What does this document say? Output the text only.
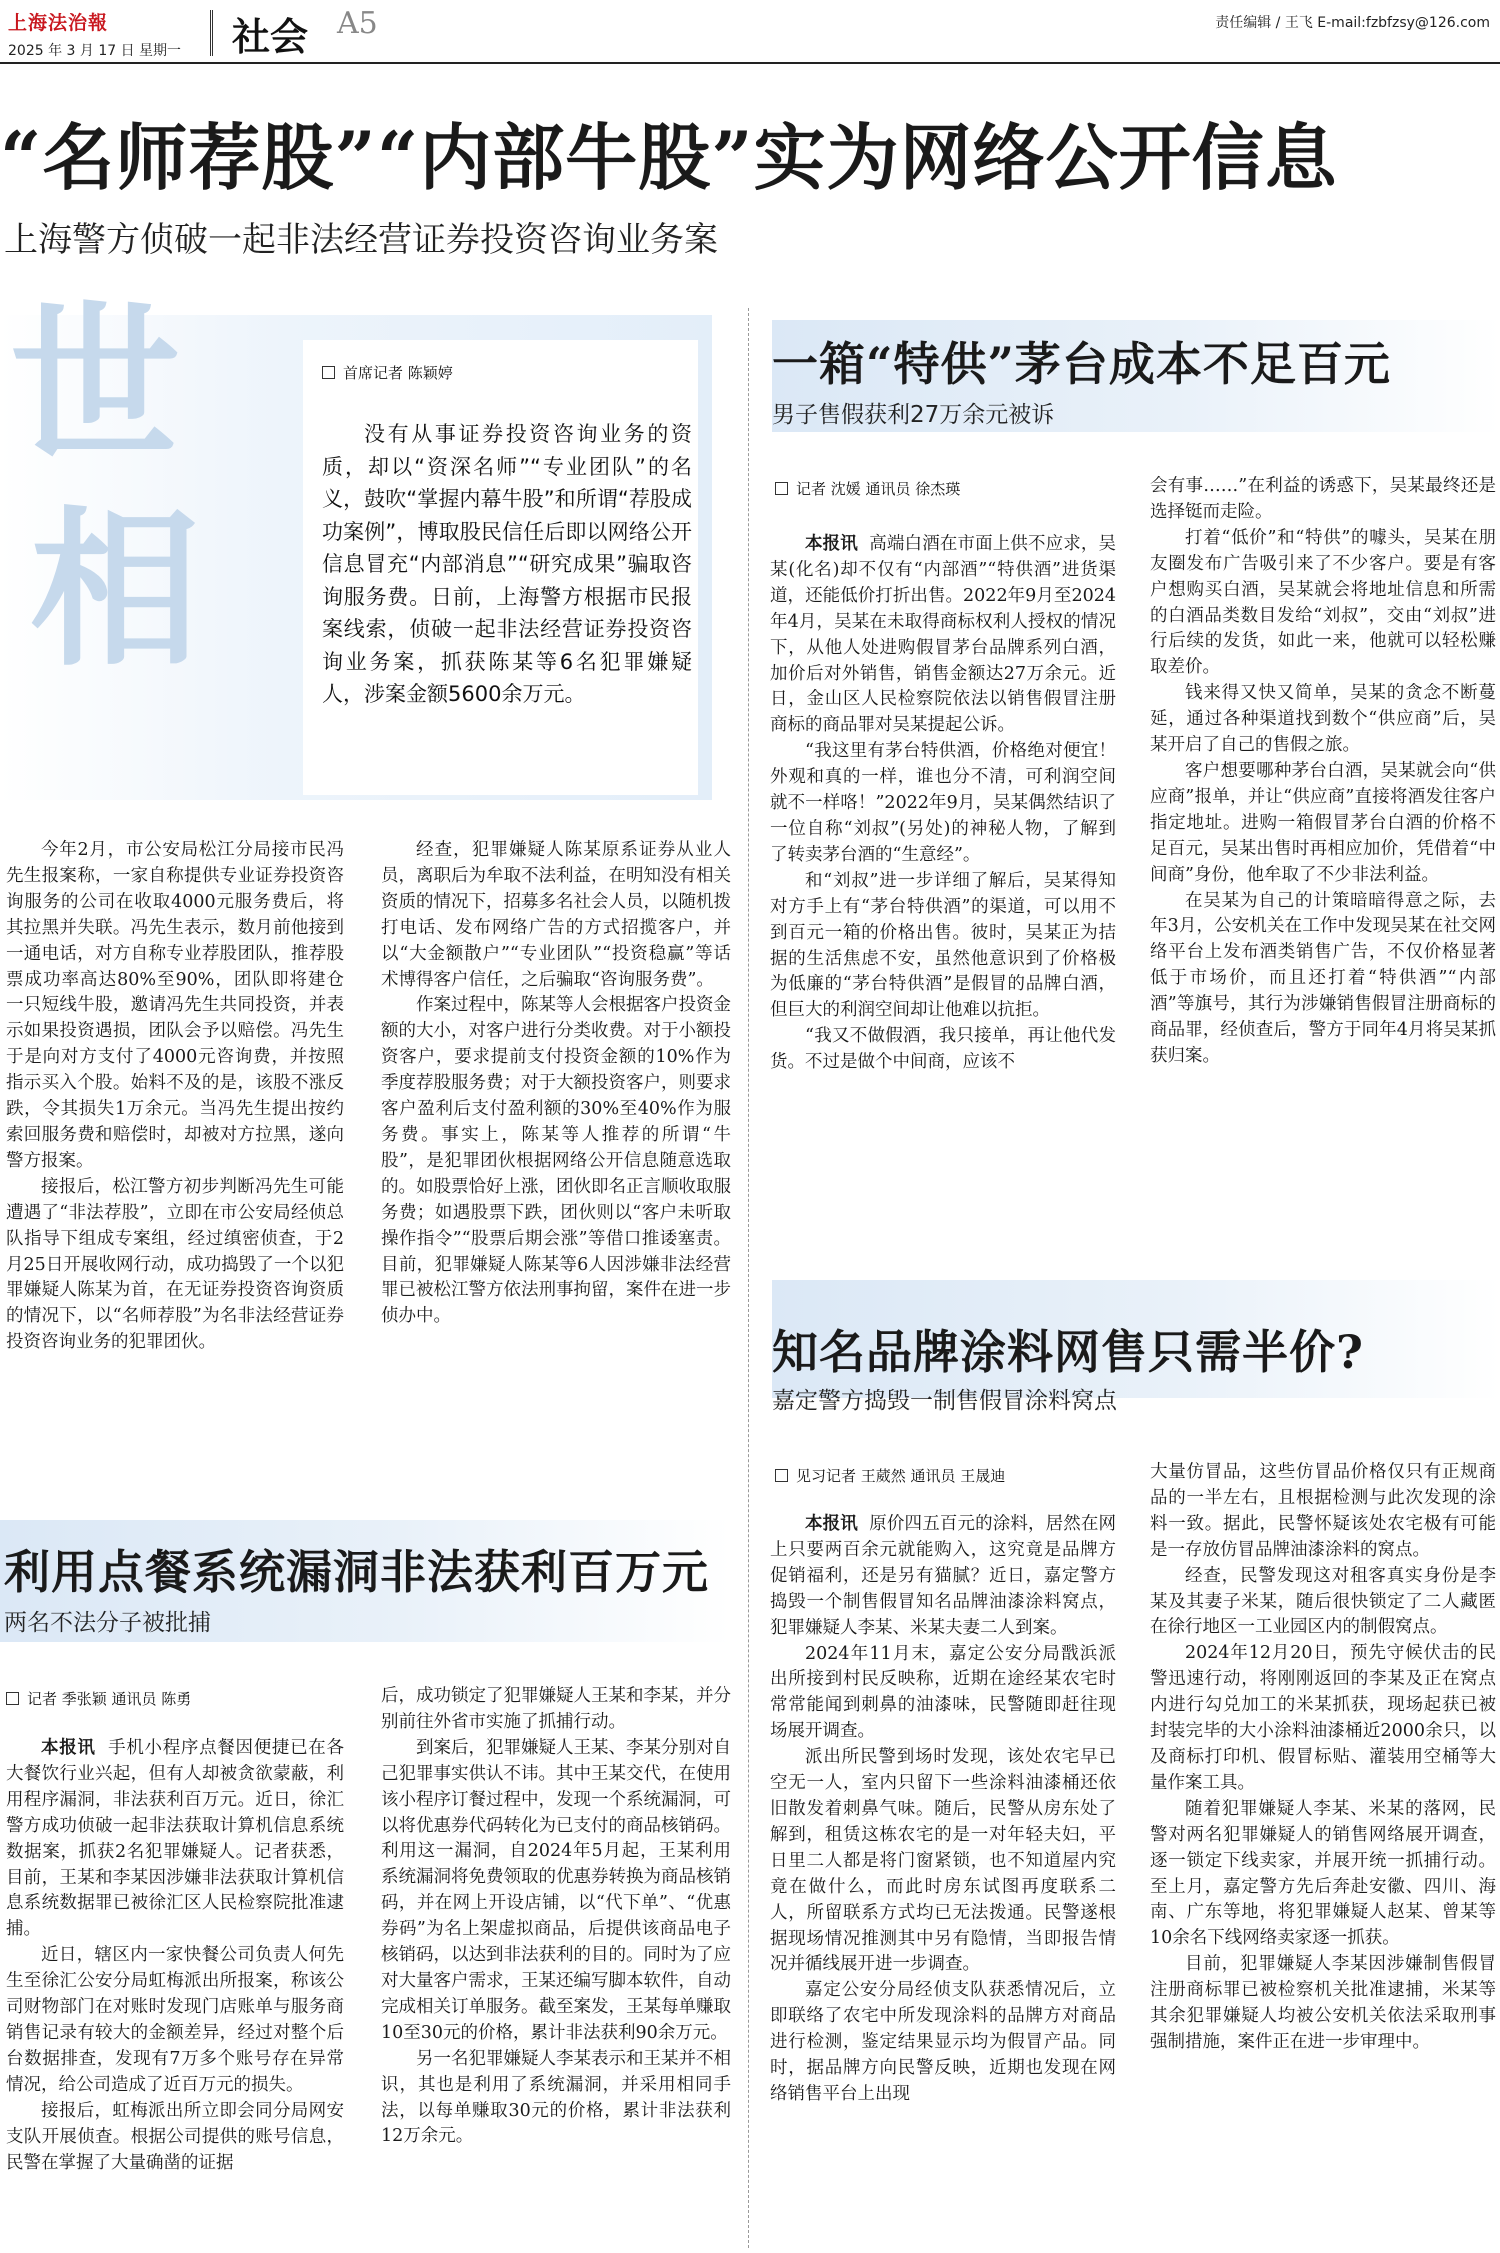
上海法治報
2025 年 3 月 17 日 星期一 社会 A5	责任编辑 / 王飞 E-mail:fzbfzsy@126.com
“名师荐股”“内部牛股”实为网络公开信息
上海警方侦破一起非法经营证券投资咨询业务案
世
相
首席记者 陈颖婷
没有从事证券投资咨询业务的资质，却以“资深名师”“专业团队”的名义，鼓吹“掌握内幕牛股”和所谓“荐股成功案例”，博取股民信任后即以网络公开信息冒充“内部消息”“研究成果”骗取咨询服务费。日前，上海警方根据市民报案线索，侦破一起非法经营证券投资咨询业务案，抓获陈某等6名犯罪嫌疑人，涉案金额5600余万元。

今年2月，市公安局松江分局接市民冯先生报案称，一家自称提供专业证券投资咨询服务的公司在收取4000元服务费后，将其拉黑并失联。冯先生表示，数月前他接到一通电话，对方自称专业荐股团队，推荐股票成功率高达80%至90%，团队即将建仓一只短线牛股，邀请冯先生共同投资，并表示如果投资遇损，团队会予以赔偿。冯先生于是向对方支付了4000元咨询费，并按照指示买入个股。始料不及的是，该股不涨反跌，令其损失1万余元。当冯先生提出按约索回服务费和赔偿时，却被对方拉黑，遂向警方报案。

接报后，松江警方初步判断冯先生可能遭遇了“非法荐股”，立即在市公安局经侦总队指导下组成专案组，经过缜密侦查，于2月25日开展收网行动，成功捣毁了一个以犯罪嫌疑人陈某为首，在无证券投资咨询资质的情况下，以“名师荐股”为名非法经营证券投资咨询业务的犯罪团伙。

经查，犯罪嫌疑人陈某原系证券从业人员，离职后为牟取不法利益，在明知没有相关资质的情况下，招募多名社会人员，以随机拨打电话、发布网络广告的方式招揽客户，并以“大金额散户”“专业团队”“投资稳赢”等话术博得客户信任，之后骗取“咨询服务费”。

作案过程中，陈某等人会根据客户投资金额的大小，对客户进行分类收费。对于小额投资客户，要求提前支付投资金额的10%作为季度荐股服务费；对于大额投资客户，则要求客户盈利后支付盈利额的30%至40%作为服务费。事实上，陈某等人推荐的所谓“牛股”，是犯罪团伙根据网络公开信息随意选取的。如股票恰好上涨，团伙即名正言顺收取服务费；如遇股票下跌，团伙则以“客户未听取操作指令”“股票后期会涨”等借口推诿塞责。目前，犯罪嫌疑人陈某等6人因涉嫌非法经营罪已被松江警方依法刑事拘留，案件在进一步侦办中。

一箱“特供”茅台成本不足百元
男子售假获利27万余元被诉
记者 沈媛 通讯员 徐杰瑛

本报讯 高端白酒在市面上供不应求，吴某(化名)却不仅有“内部酒”“特供酒”进货渠道，还能低价打折出售。2022年9月至2024年4月，吴某在未取得商标权利人授权的情况下，从他人处进购假冒茅台品牌系列白酒，加价后对外销售，销售金额达27万余元。近日，金山区人民检察院依法以销售假冒注册商标的商品罪对吴某提起公诉。

“我这里有茅台特供酒，价格绝对便宜！外观和真的一样，谁也分不清，可利润空间就不一样咯！”2022年9月，吴某偶然结识了一位自称“刘叔”(另处)的神秘人物，了解到了转卖茅台酒的“生意经”。

和“刘叔”进一步详细了解后，吴某得知对方手上有“茅台特供酒”的渠道，可以用不到百元一箱的价格出售。彼时，吴某正为拮据的生活焦虑不安，虽然他意识到了价格极为低廉的“茅台特供酒”是假冒的品牌白酒，但巨大的利润空间却让他难以抗拒。

“我又不做假酒，我只接单，再让他代发货。不过是做个中间商，应该不

会有事……”在利益的诱惑下，吴某最终还是选择铤而走险。

打着“低价”和“特供”的噱头，吴某在朋友圈发布广告吸引来了不少客户。要是有客户想购买白酒，吴某就会将地址信息和所需的白酒品类数目发给“刘叔”，交由“刘叔”进行后续的发货，如此一来，他就可以轻松赚取差价。

钱来得又快又简单，吴某的贪念不断蔓延，通过各种渠道找到数个“供应商”后，吴某开启了自己的售假之旅。

客户想要哪种茅台白酒，吴某就会向“供应商”报单，并让“供应商”直接将酒发往客户指定地址。进购一箱假冒茅台白酒的价格不足百元，吴某出售时再相应加价，凭借着“中间商”身份，他牟取了不少非法利益。

在吴某为自己的计策暗暗得意之际，去年3月，公安机关在工作中发现吴某在社交网络平台上发布酒类销售广告，不仅价格显著低于市场价，而且还打着“特供酒”“内部酒”等旗号，其行为涉嫌销售假冒注册商标的商品罪，经侦查后，警方于同年4月将吴某抓获归案。

知名品牌涂料网售只需半价?
嘉定警方捣毁一制售假冒涂料窝点
见习记者 王葳然 通讯员 王晟迪

本报讯 原价四五百元的涂料，居然在网上只要两百余元就能购入，这究竟是品牌方促销福利，还是另有猫腻？近日，嘉定警方捣毁一个制售假冒知名品牌油漆涂料窝点，犯罪嫌疑人李某、米某夫妻二人到案。

2024年11月末，嘉定公安分局戬浜派出所接到村民反映称，近期在途经某农宅时常常能闻到刺鼻的油漆味，民警随即赶往现场展开调查。

派出所民警到场时发现，该处农宅早已空无一人，室内只留下一些涂料油漆桶还依旧散发着刺鼻气味。随后，民警从房东处了解到，租赁这栋农宅的是一对年轻夫妇，平日里二人都是将门窗紧锁，也不知道屋内究竟在做什么，而此时房东试图再度联系二人，所留联系方式均已无法拨通。民警遂根据现场情况推测其中另有隐情，当即报告情况并循线展开进一步调查。

嘉定公安分局经侦支队获悉情况后，立即联络了农宅中所发现涂料的品牌方对商品进行检测，鉴定结果显示均为假冒产品。同时，据品牌方向民警反映，近期也发现在网络销售平台上出现

大量仿冒品，这些仿冒品价格仅只有正规商品的一半左右，且根据检测与此次发现的涂料一致。据此，民警怀疑该处农宅极有可能是一存放仿冒品牌油漆涂料的窝点。

经查，民警发现这对租客真实身份是李某及其妻子米某，随后很快锁定了二人藏匿在徐行地区一工业园区内的制假窝点。

2024年12月20日，预先守候伏击的民警迅速行动，将刚刚返回的李某及正在窝点内进行勾兑加工的米某抓获，现场起获已被封装完毕的大小涂料油漆桶近2000余只，以及商标打印机、假冒标贴、灌装用空桶等大量作案工具。

随着犯罪嫌疑人李某、米某的落网，民警对两名犯罪嫌疑人的销售网络展开调查，逐一锁定下线卖家，并展开统一抓捕行动。至上月，嘉定警方先后奔赴安徽、四川、海南、广东等地，将犯罪嫌疑人赵某、曾某等10余名下线网络卖家逐一抓获。

目前，犯罪嫌疑人李某因涉嫌制售假冒注册商标罪已被检察机关批准逮捕，米某等其余犯罪嫌疑人均被公安机关依法采取刑事强制措施，案件正在进一步审理中。

利用点餐系统漏洞非法获利百万元
两名不法分子被批捕
记者 季张颖 通讯员 陈勇

本报讯 手机小程序点餐因便捷已在各大餐饮行业兴起，但有人却被贪欲蒙蔽，利用程序漏洞，非法获利百万元。近日，徐汇警方成功侦破一起非法获取计算机信息系统数据案，抓获2名犯罪嫌疑人。记者获悉，目前，王某和李某因涉嫌非法获取计算机信息系统数据罪已被徐汇区人民检察院批准逮捕。

近日，辖区内一家快餐公司负责人何先生至徐汇公安分局虹梅派出所报案，称该公司财物部门在对账时发现门店账单与服务商销售记录有较大的金额差异，经过对整个后台数据排查，发现有7万多个账号存在异常情况，给公司造成了近百万元的损失。

接报后，虹梅派出所立即会同分局网安支队开展侦查。根据公司提供的账号信息，民警在掌握了大量确凿的证据

后，成功锁定了犯罪嫌疑人王某和李某，并分别前往外省市实施了抓捕行动。

到案后，犯罪嫌疑人王某、李某分别对自己犯罪事实供认不讳。其中王某交代，在使用该小程序订餐过程中，发现一个系统漏洞，可以将优惠券代码转化为已支付的商品核销码。利用这一漏洞，自2024年5月起，王某利用系统漏洞将免费领取的优惠券转换为商品核销码，并在网上开设店铺，以“代下单”、“优惠券码”为名上架虚拟商品，后提供该商品电子核销码，以达到非法获利的目的。同时为了应对大量客户需求，王某还编写脚本软件，自动完成相关订单服务。截至案发，王某每单赚取10至30元的价格，累计非法获利90余万元。

另一名犯罪嫌疑人李某表示和王某并不相识，其也是利用了系统漏洞，并采用相同手法，以每单赚取30元的价格，累计非法获利12万余元。
